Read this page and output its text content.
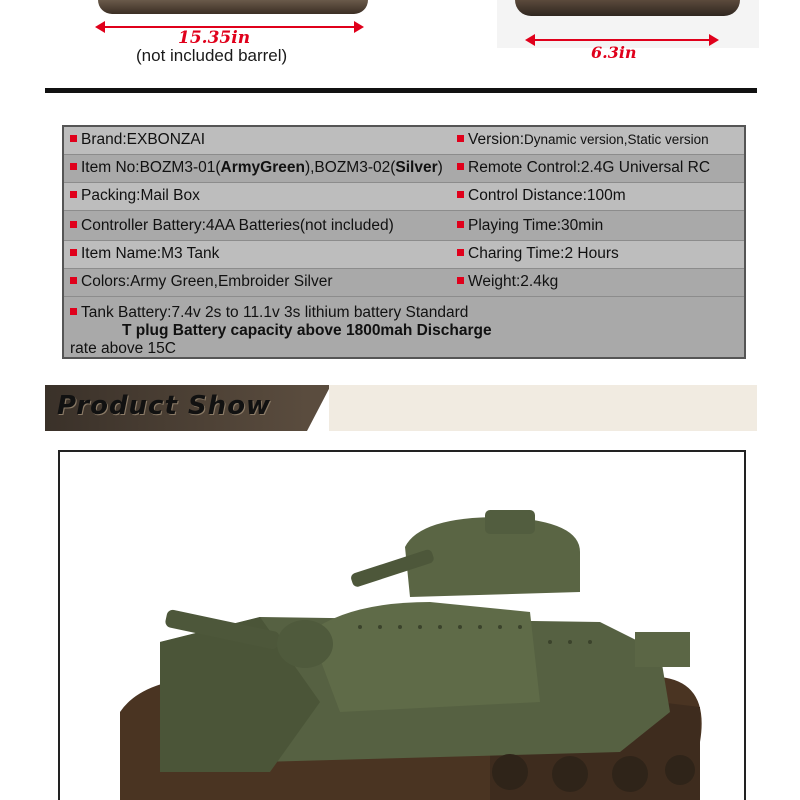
15.35in
(not included barrel)	6.3in
Brand:EXBONZAI	Version:Dynamic version,Static version
Item No:BOZM3-01(ArmyGreen),BOZM3-02(Silver)	Remote Control:2.4G Universal RC
Packing:Mail Box	Control Distance:100m
Controller Battery:4AA Batteries(not included)	Playing Time:30min
Item Name:M3 Tank	Charing Time:2 Hours
Colors:Army Green,Embroider Silver	Weight:2.4kg
Tank Battery:7.4v 2s to 11.1v 3s lithium battery Standard
T plug Battery capacity above 1800mah Discharge
rate above 15C
Product Show
